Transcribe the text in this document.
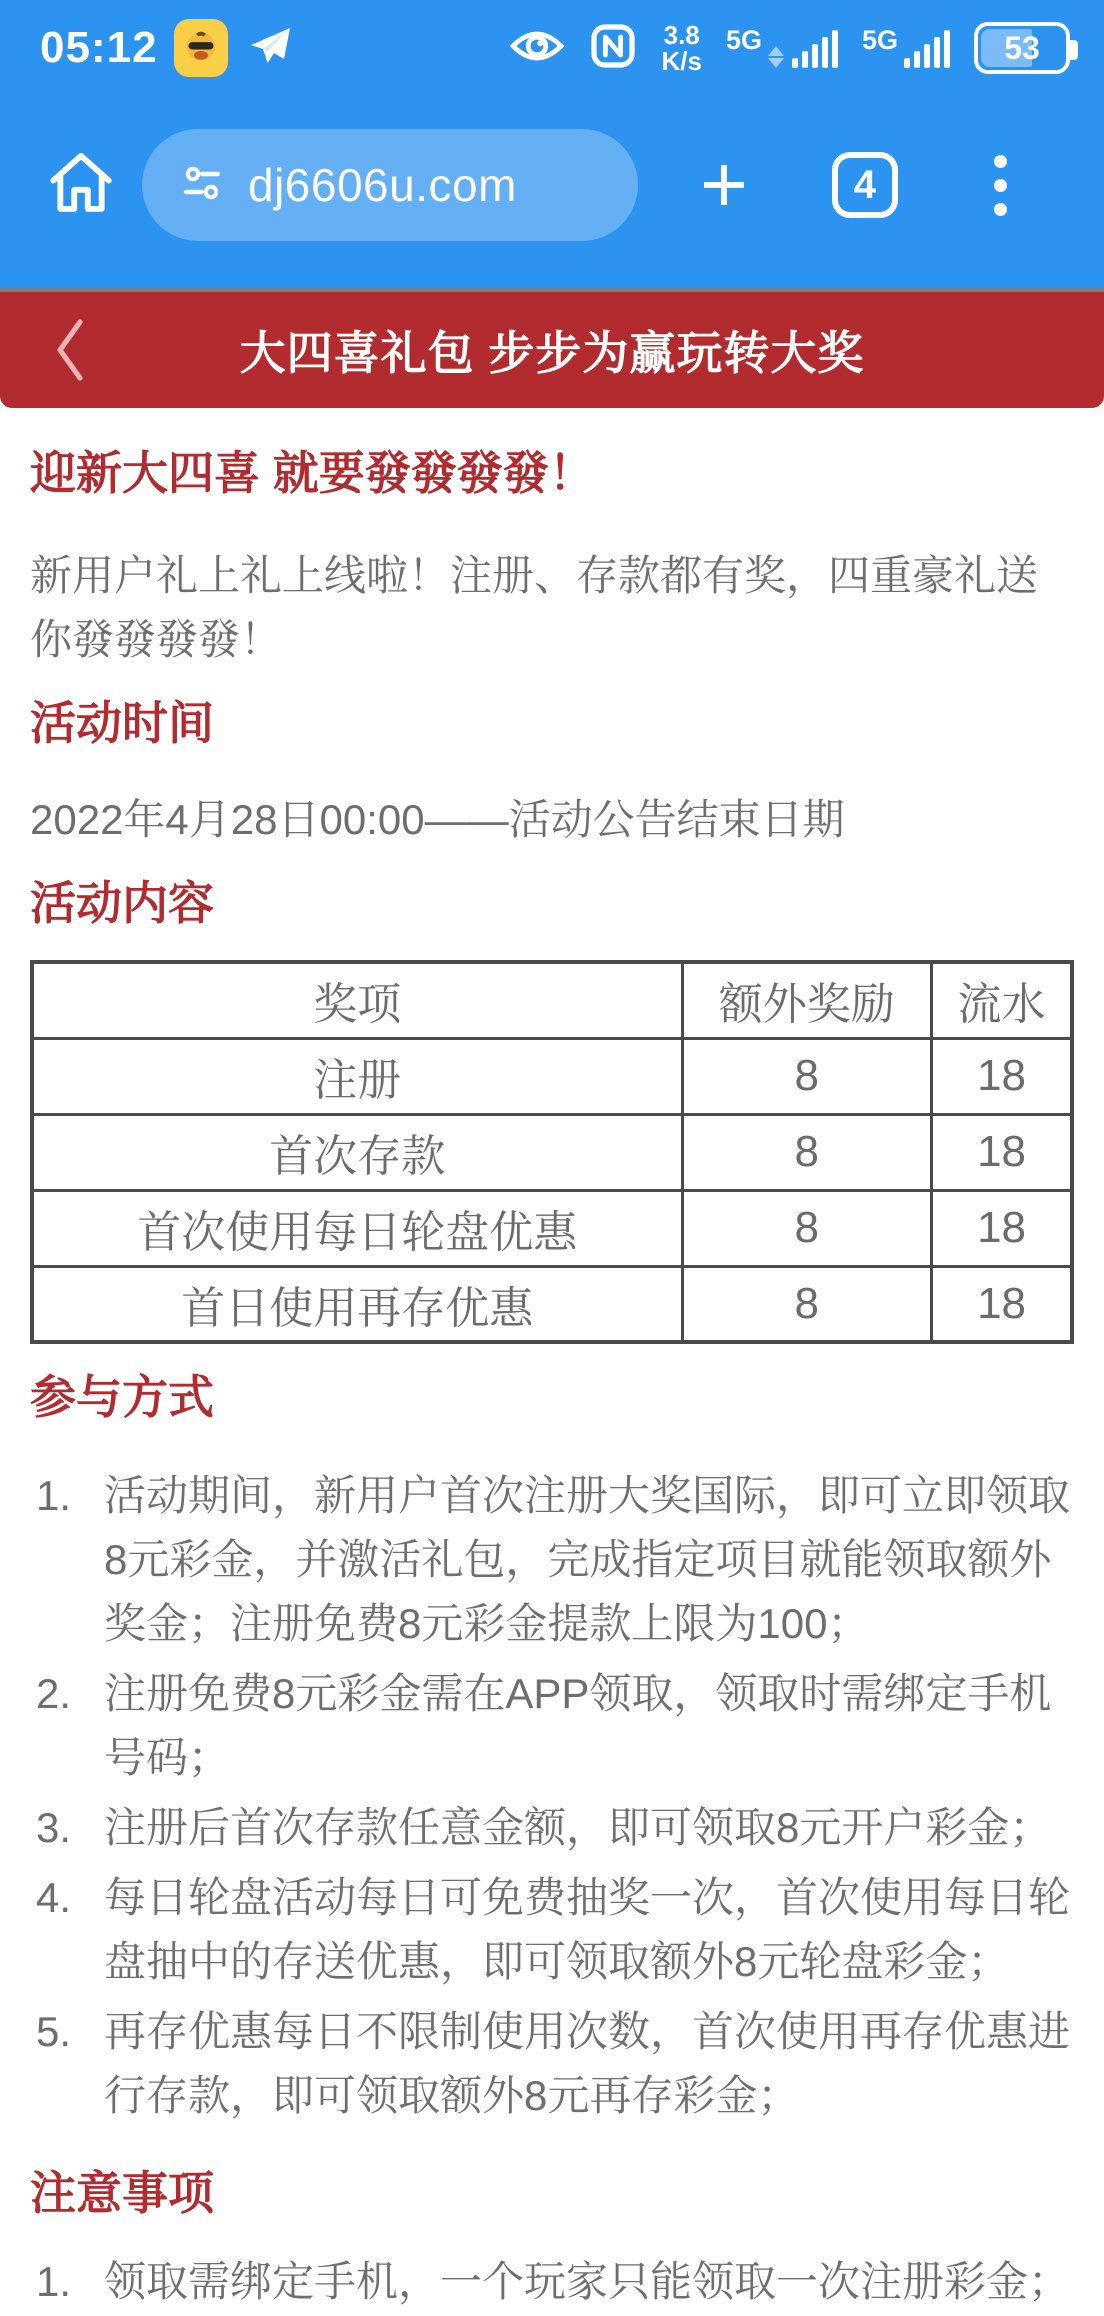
05:12	3.8
K/s
5G	5G	53
dj6606u.com +	4
大四喜礼包 步步为赢玩转大奖
迎新大四喜 就要發發發發！

新用户礼上礼上线啦！注册、存款都有奖，四重豪礼送你發發發發！

活动时间

2022年4月28日00:00——活动公告结束日期

活动内容
奖项	额外奖励	流水
注册	8	18
首次存款	8	18
首次使用每日轮盘优惠	8	18
首日使用再存优惠	8	18
参与方式
1. 活动期间，新用户首次注册大奖国际，即可立即领取8元彩金，并激活礼包，完成指定项目就能领取额外奖金；注册免费8元彩金提款上限为100；
2. 注册免费8元彩金需在APP领取，领取时需绑定手机号码；
3. 注册后首次存款任意金额，即可领取8元开户彩金；
4. 每日轮盘活动每日可免费抽奖一次，首次使用每日轮盘抽中的存送优惠，即可领取额外8元轮盘彩金；
5. 再存优惠每日不限制使用次数，首次使用再存优惠进行存款，即可领取额外8元再存彩金；
注意事项
1. 领取需绑定手机，一个玩家只能领取一次注册彩金；
